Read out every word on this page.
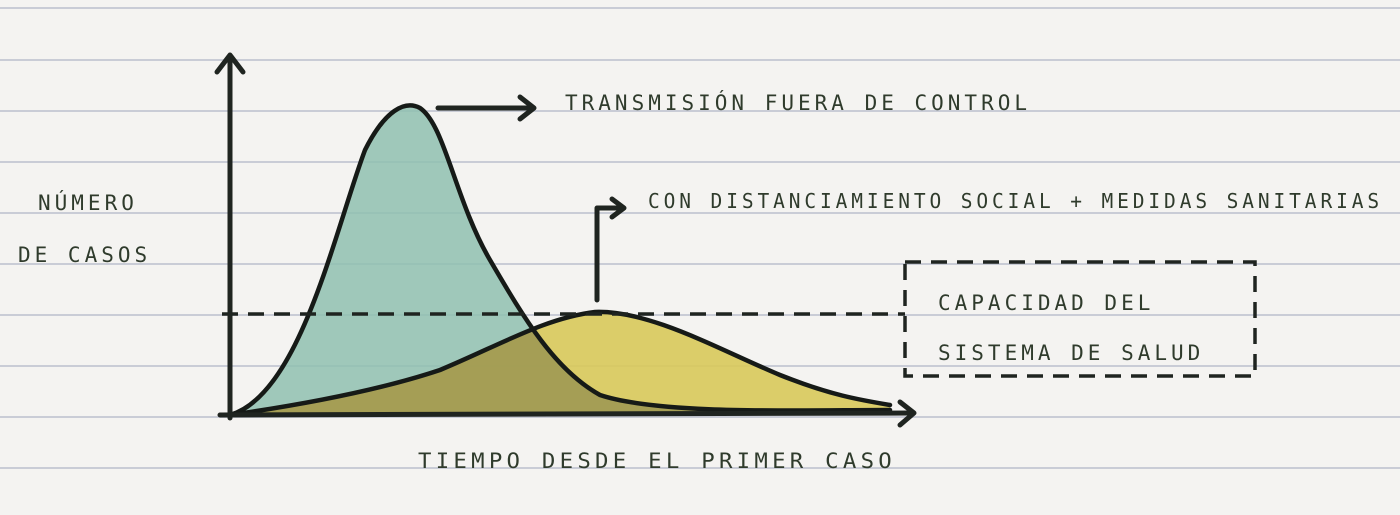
NÚMERO
DE CASOS
TRANSMISIÓN FUERA DE CONTROL
CON DISTANCIAMIENTO SOCIAL + MEDIDAS SANITARIAS
CAPACIDAD DEL
SISTEMA DE SALUD
TIEMPO DESDE EL PRIMER CASO
